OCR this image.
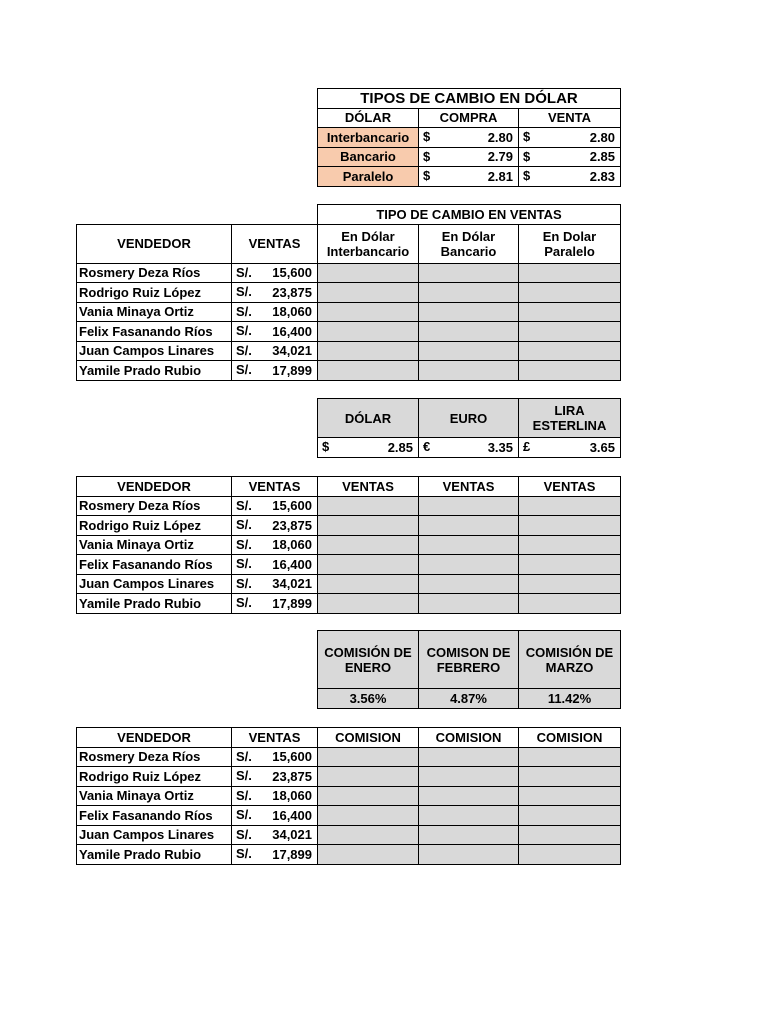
TIPOS DE CAMBIO EN DÓLAR		
DÓLAR	COMPRA	VENTA
Interbancario	$ 2.80	$ 2.80

Bancario	$ 2.79	$ 2.85

Paralelo	$ 2.81	$ 2.83
		TIPO DE CAMBIO EN VENTAS		
VENDEDOR	VENTAS	En Dólar Interbancario	En Dólar Bancario	En Dolar Paralelo
Rosmery Deza Ríos	S/. 15,600			

Rodrigo Ruiz López	S/. 23,875			

Vania Minaya Ortiz	S/. 18,060			

Felix Fasanando Ríos	S/. 16,400			

Juan Campos Linares	S/. 34,021			

Yamile Prado Rubio	S/. 17,899			

DÓLAR	EURO	LIRA ESTERLINA

$ 2.85	€ 3.35	£ 3.65
VENDEDOR	VENTAS	VENTAS	VENTAS	VENTAS
Rosmery Deza Ríos	S/. 15,600			

Rodrigo Ruiz López	S/. 23,875			

Vania Minaya Ortiz	S/. 18,060			

Felix Fasanando Ríos	S/. 16,400			

Juan Campos Linares	S/. 34,021			

Yamile Prado Rubio	S/. 17,899			

COMISIÓN DE ENERO	COMISON DE FEBRERO	COMISIÓN DE MARZO
3.56%	4.87%	11.42%
VENDEDOR	VENTAS	COMISION	COMISION	COMISION
Rosmery Deza Ríos	S/. 15,600			

Rodrigo Ruiz López	S/. 23,875			

Vania Minaya Ortiz	S/. 18,060			

Felix Fasanando Ríos	S/. 16,400			

Juan Campos Linares	S/. 34,021			

Yamile Prado Rubio	S/. 17,899			
